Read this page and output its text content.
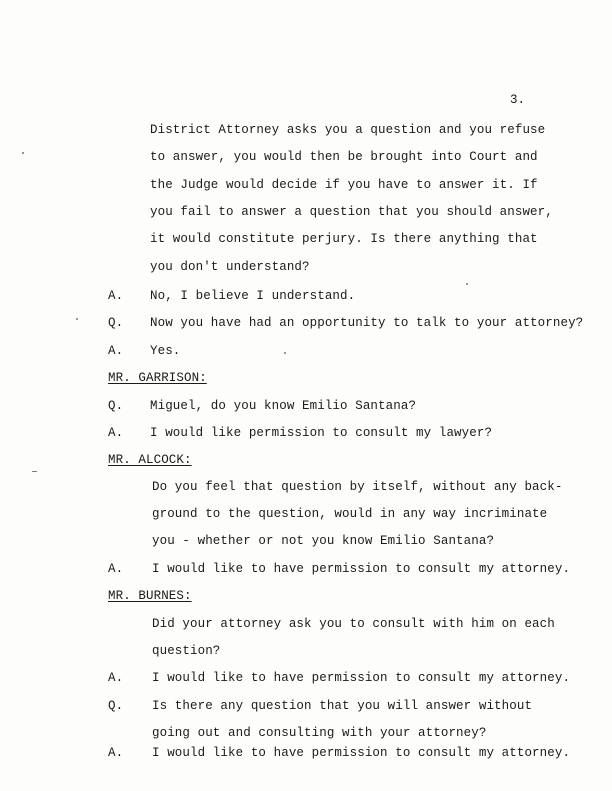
3.
District Attorney asks you a question and you refuse
to answer, you would then be brought into Court and
the Judge would decide if you have to answer it. If
you fail to answer a question that you should answer,
it would constitute perjury. Is there anything that
you don't understand?
A. No, I believe I understand.
Q. Now you have had an opportunity to talk to your attorney?
A. Yes.
MR. GARRISON:
Q. Miguel, do you know Emilio Santana?
A. I would like permission to consult my lawyer?
MR. ALCOCK:
Do you feel that question by itself, without any back-
ground to the question, would in any way incriminate
you - whether or not you know Emilio Santana?
A. I would like to have permission to consult my attorney.
MR. BURNES:
Did your attorney ask you to consult with him on each
question?
A. I would like to have permission to consult my attorney.
Q. Is there any question that you will answer without
going out and consulting with your attorney?
A. I would like to have permission to consult my attorney.
